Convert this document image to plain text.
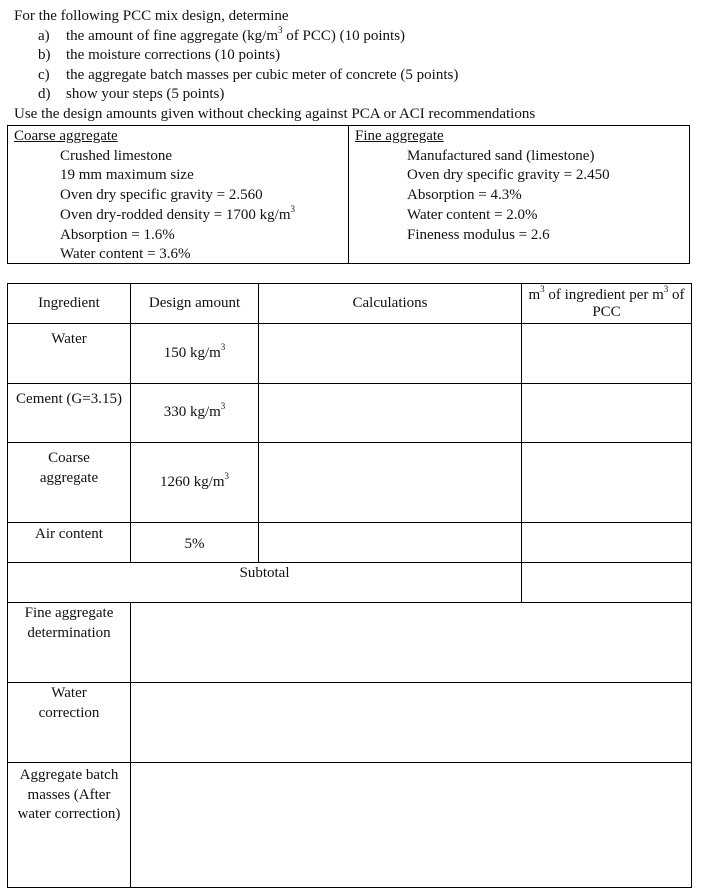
For the following PCC mix design, determine
a) the amount of fine aggregate ($kg/m^3$ of PCC) (10 points)
b) the moisture corrections (10 points)
c) the aggregate batch masses per cubic meter of concrete (5 points)
d) show your steps (5 points)
Use the design amounts given without checking against PCA or ACI recommendations
Coarse aggregate
Crushed limestone
19 mm maximum size
Oven dry specific gravity = 2.560
Oven dry-rodded density = 1700 $kg/m^3$
Absorption = 1.6%
Water content = 3.6%
Fine aggregate
Manufactured sand (limestone)
Oven dry specific gravity = 2.450
Absorption = 4.3%
Water content = 2.0%
Fineness modulus = 2.6
Ingredient	Design amount	Calculations	$m^3$ of ingredient per $m^3$ of PCC
Water	150 $kg/m^3$		
Cement (G=3.15)	330 $kg/m^3$		
Coarse aggregate	1260 $kg/m^3$		
Air content	5%		
Subtotal			
Fine aggregate determination			
Water correction			
Aggregate batch masses (After water correction)			
